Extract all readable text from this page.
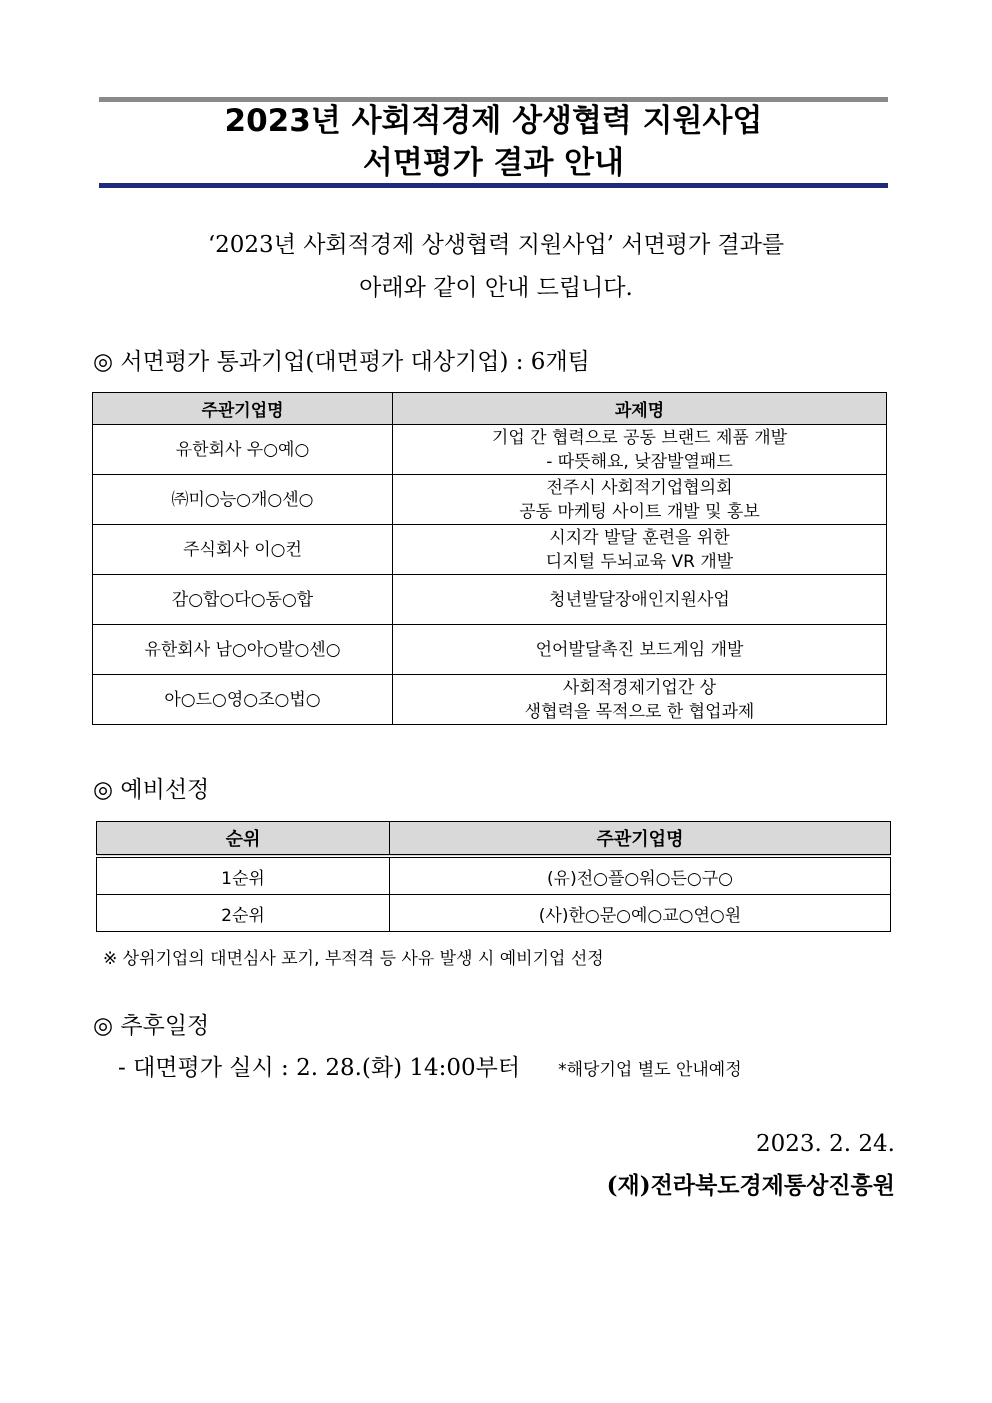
2023년 사회적경제 상생협력 지원사업
서면평가 결과 안내
‘2023년 사회적경제 상생협력 지원사업’ 서면평가 결과를
아래와 같이 안내 드립니다.
◎ 서면평가 통과기업(대면평가 대상기업) : 6개팀
주관기업명	과제명
유한회사 우○예○	기업 간 협력으로 공동 브랜드 제품 개발
- 따뜻해요, 낮잠발열패드

㈜미○능○개○센○	전주시 사회적기업협의회
공동 마케팅 사이트 개발 및 홍보

주식회사 이○컨	시지각 발달 훈련을 위한
디지털 두뇌교육 VR 개발

감○합○다○동○합	청년발달장애인지원사업

유한회사 남○아○발○센○	언어발달촉진 보드게임 개발

아○드○영○조○법○	사회적경제기업간 상
생협력을 목적으로 한 협업과제
◎ 예비선정
순위	주관기업명
1순위	(유)전○플○워○든○구○
2순위	(사)한○문○예○교○연○원
※ 상위기업의 대면심사 포기, 부적격 등 사유 발생 시 예비기업 선정
◎ 추후일정
- 대면평가 실시 : 2. 28.(화) 14:00부터 *해당기업 별도 안내예정
2023. 2. 24.
(재)전라북도경제통상진흥원
